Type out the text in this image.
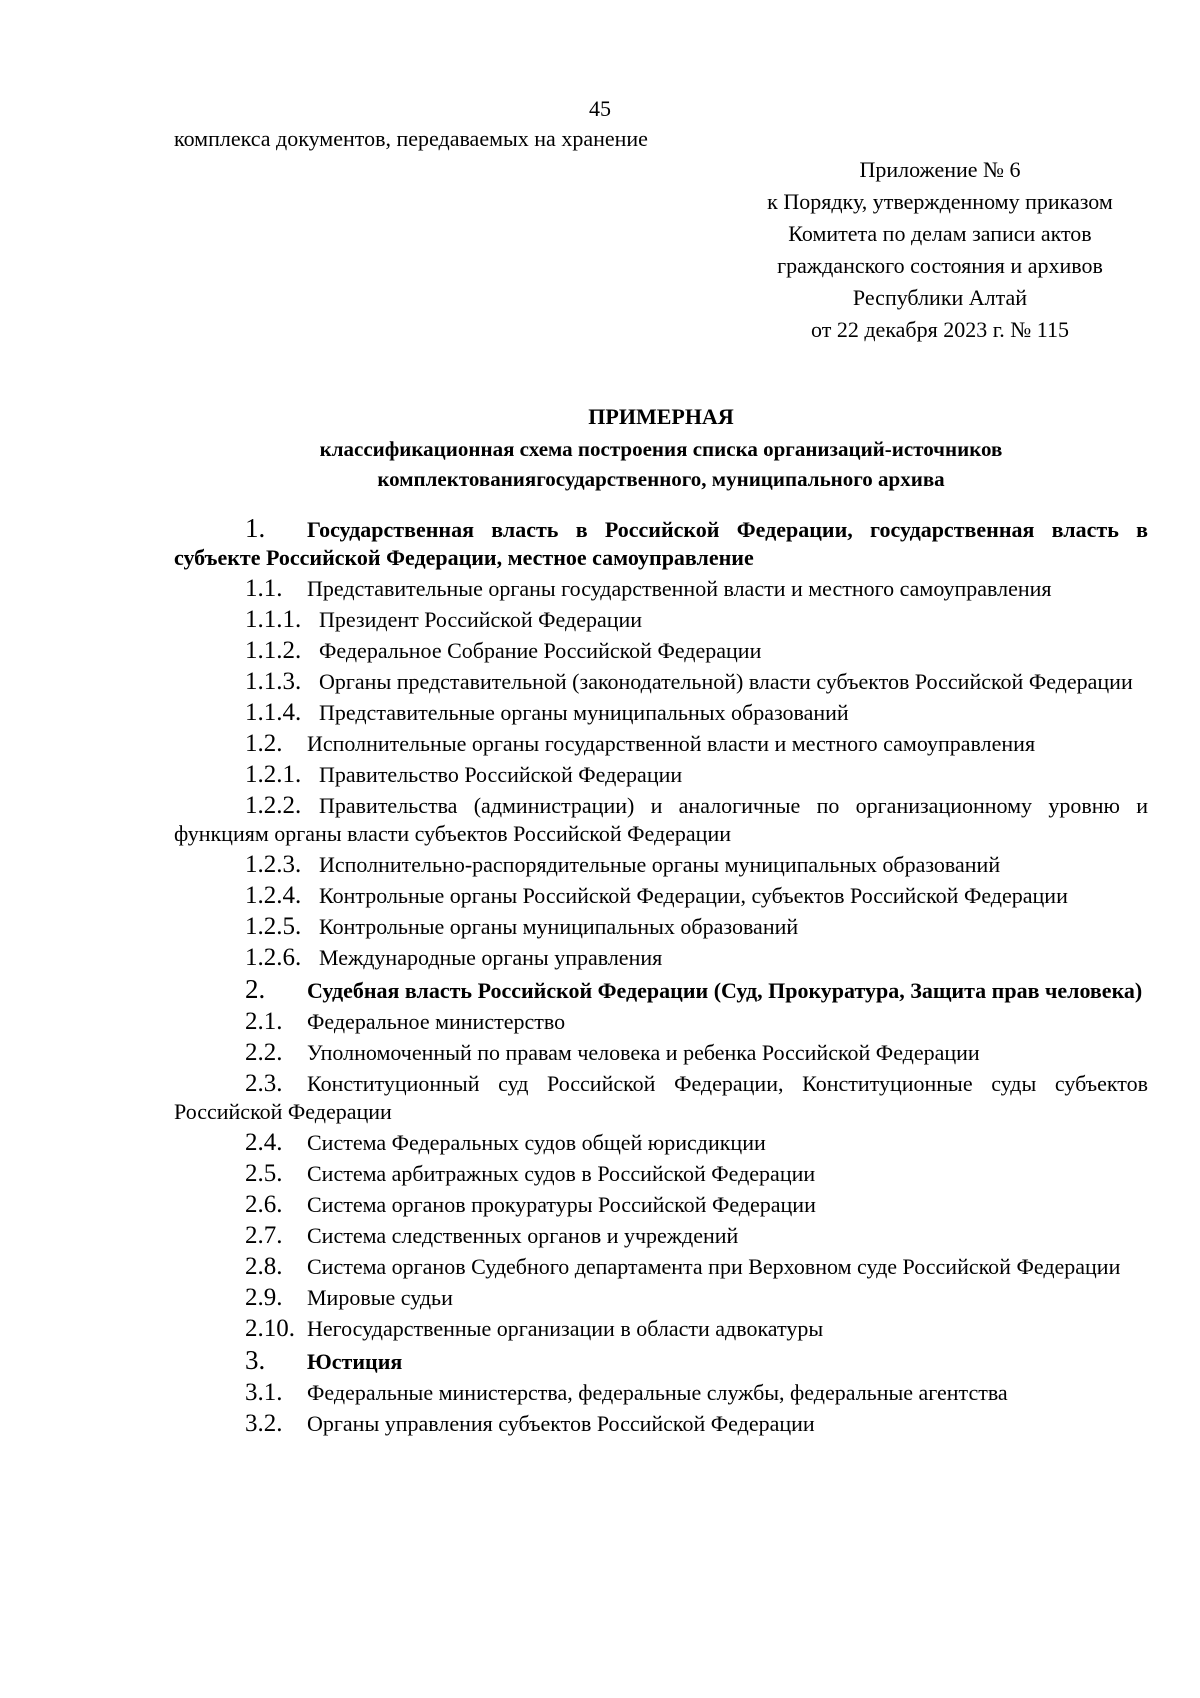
45
комплекса документов, передаваемых на хранение
Приложение № 6
к Порядку, утвержденному приказом
Комитета по делам записи актов
гражданского состояния и архивов
Республики Алтай
от 22 декабря 2023 г. № 115
ПРИМЕРНАЯ
классификационная схема построения списка организаций-источников
комплектованиягосударственного, муниципального архива
1. Государственная власть в Российской Федерации, государственная власть в субъекте Российской Федерации, местное самоуправление
1.1. Представительные органы государственной власти и местного самоуправления
1.1.1. Президент Российской Федерации
1.1.2. Федеральное Собрание Российской Федерации
1.1.3. Органы представительной (законодательной) власти субъектов Российской Федерации
1.1.4. Представительные органы муниципальных образований
1.2. Исполнительные органы государственной власти и местного самоуправления
1.2.1. Правительство Российской Федерации
1.2.2. Правительства (администрации) и аналогичные по организационному уровню и функциям органы власти субъектов Российской Федерации
1.2.3. Исполнительно-распорядительные органы муниципальных образований
1.2.4. Контрольные органы Российской Федерации, субъектов Российской Федерации
1.2.5. Контрольные органы муниципальных образований
1.2.6. Международные органы управления
2. Судебная власть Российской Федерации (Суд, Прокуратура, Защита прав человека)
2.1. Федеральное министерство
2.2. Уполномоченный по правам человека и ребенка Российской Федерации
2.3. Конституционный суд Российской Федерации, Конституционные суды субъектов Российской Федерации
2.4. Система Федеральных судов общей юрисдикции
2.5. Система арбитражных судов в Российской Федерации
2.6. Система органов прокуратуры Российской Федерации
2.7. Система следственных органов и учреждений
2.8. Система органов Судебного департамента при Верховном суде Российской Федерации
2.9. Мировые судьи
2.10. Негосударственные организации в области адвокатуры
3. Юстиция
3.1. Федеральные министерства, федеральные службы, федеральные агентства
3.2. Органы управления субъектов Российской Федерации
